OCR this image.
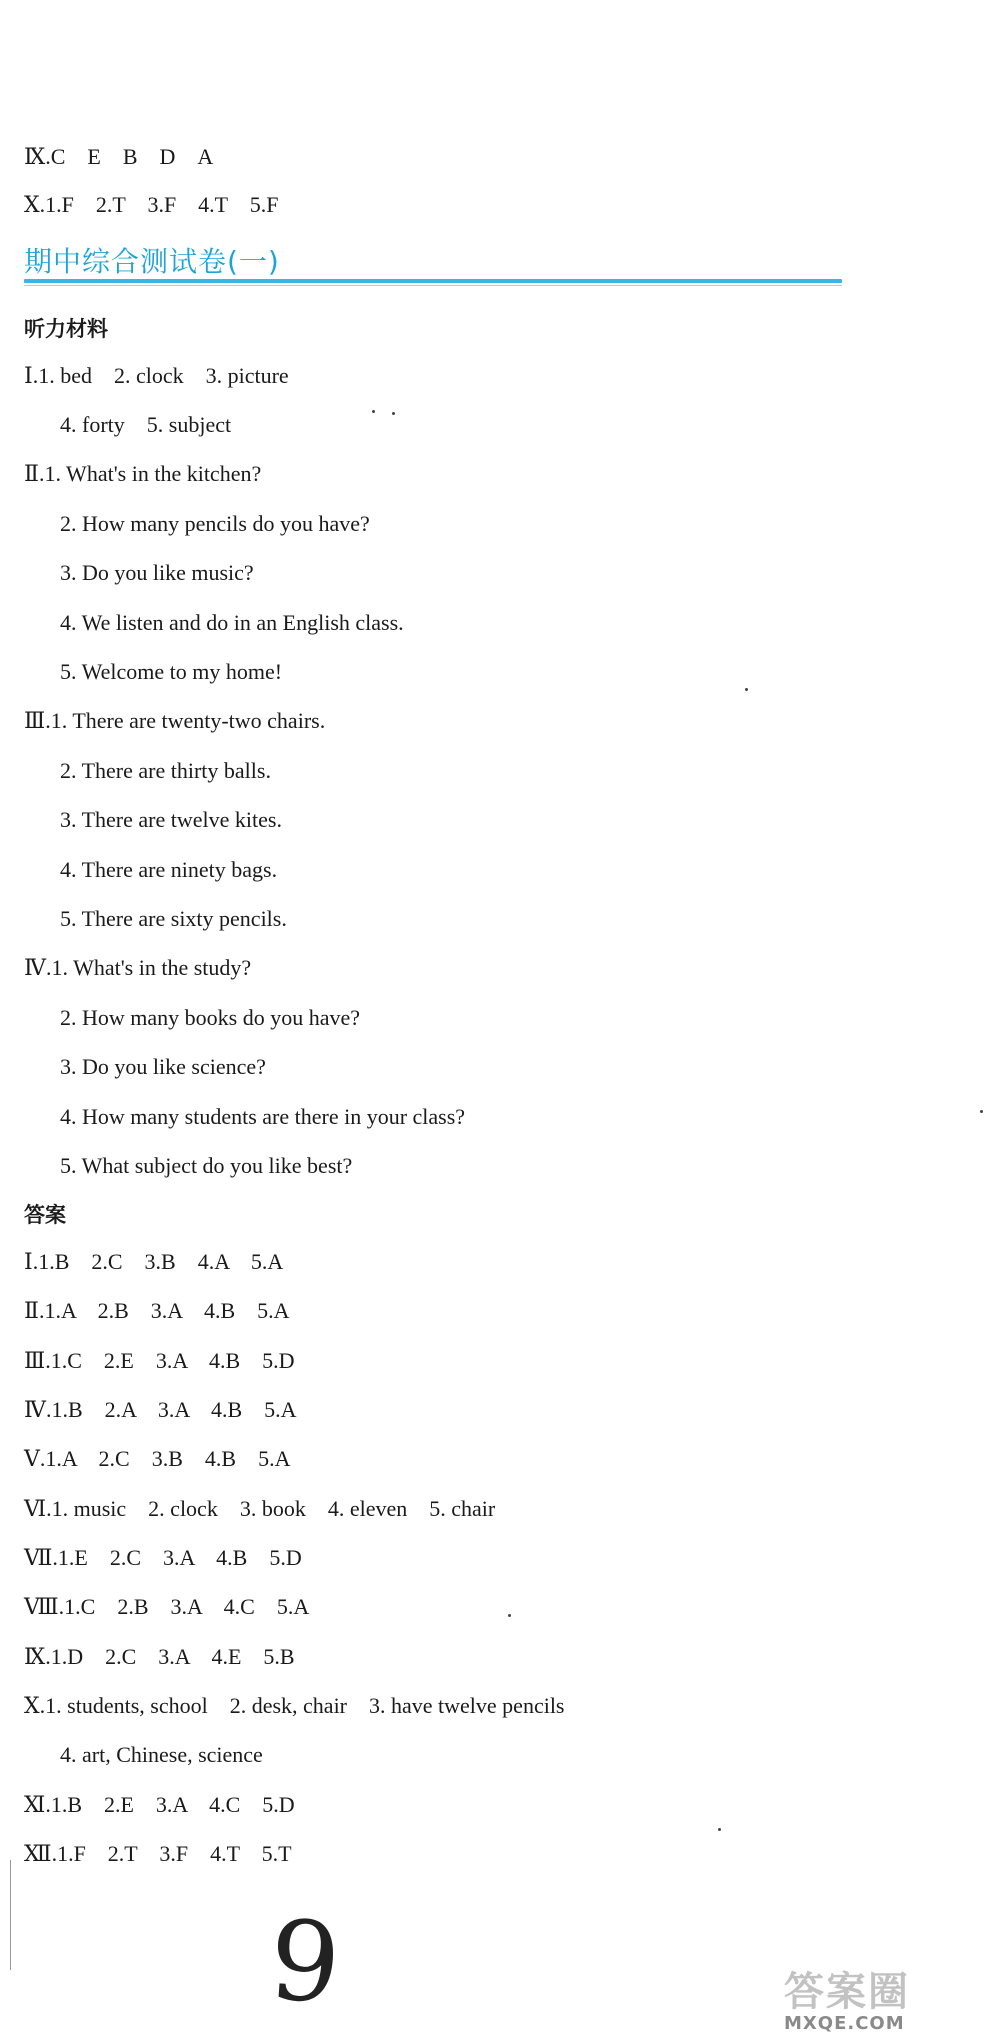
Ⅸ.C　E　B　D　A
Ⅹ.1.F　2.T　3.F　4.T　5.F
期中综合测试卷(一)
听力材料
Ⅰ.1. bed　2. clock　3. picture
4. forty　5. subject
Ⅱ.1. What's in the kitchen?
2. How many pencils do you have?
3. Do you like music?
4. We listen and do in an English class.
5. Welcome to my home!
Ⅲ.1. There are twenty-two chairs.
2. There are thirty balls.
3. There are twelve kites.
4. There are ninety bags.
5. There are sixty pencils.
Ⅳ.1. What's in the study?
2. How many books do you have?
3. Do you like science?
4. How many students are there in your class?
5. What subject do you like best?
答案
Ⅰ.1.B　2.C　3.B　4.A　5.A
Ⅱ.1.A　2.B　3.A　4.B　5.A
Ⅲ.1.C　2.E　3.A　4.B　5.D
Ⅳ.1.B　2.A　3.A　4.B　5.A
Ⅴ.1.A　2.C　3.B　4.B　5.A
Ⅵ.1. music　2. clock　3. book　4. eleven　5. chair
Ⅶ.1.E　2.C　3.A　4.B　5.D
Ⅷ.1.C　2.B　3.A　4.C　5.A
Ⅸ.1.D　2.C　3.A　4.E　5.B
Ⅹ.1. students, school　2. desk, chair　3. have twelve pencils
4. art, Chinese, science
Ⅺ.1.B　2.E　3.A　4.C　5.D
Ⅻ.1.F　2.T　3.F　4.T　5.T
9	答案圈
MXQE.COM
